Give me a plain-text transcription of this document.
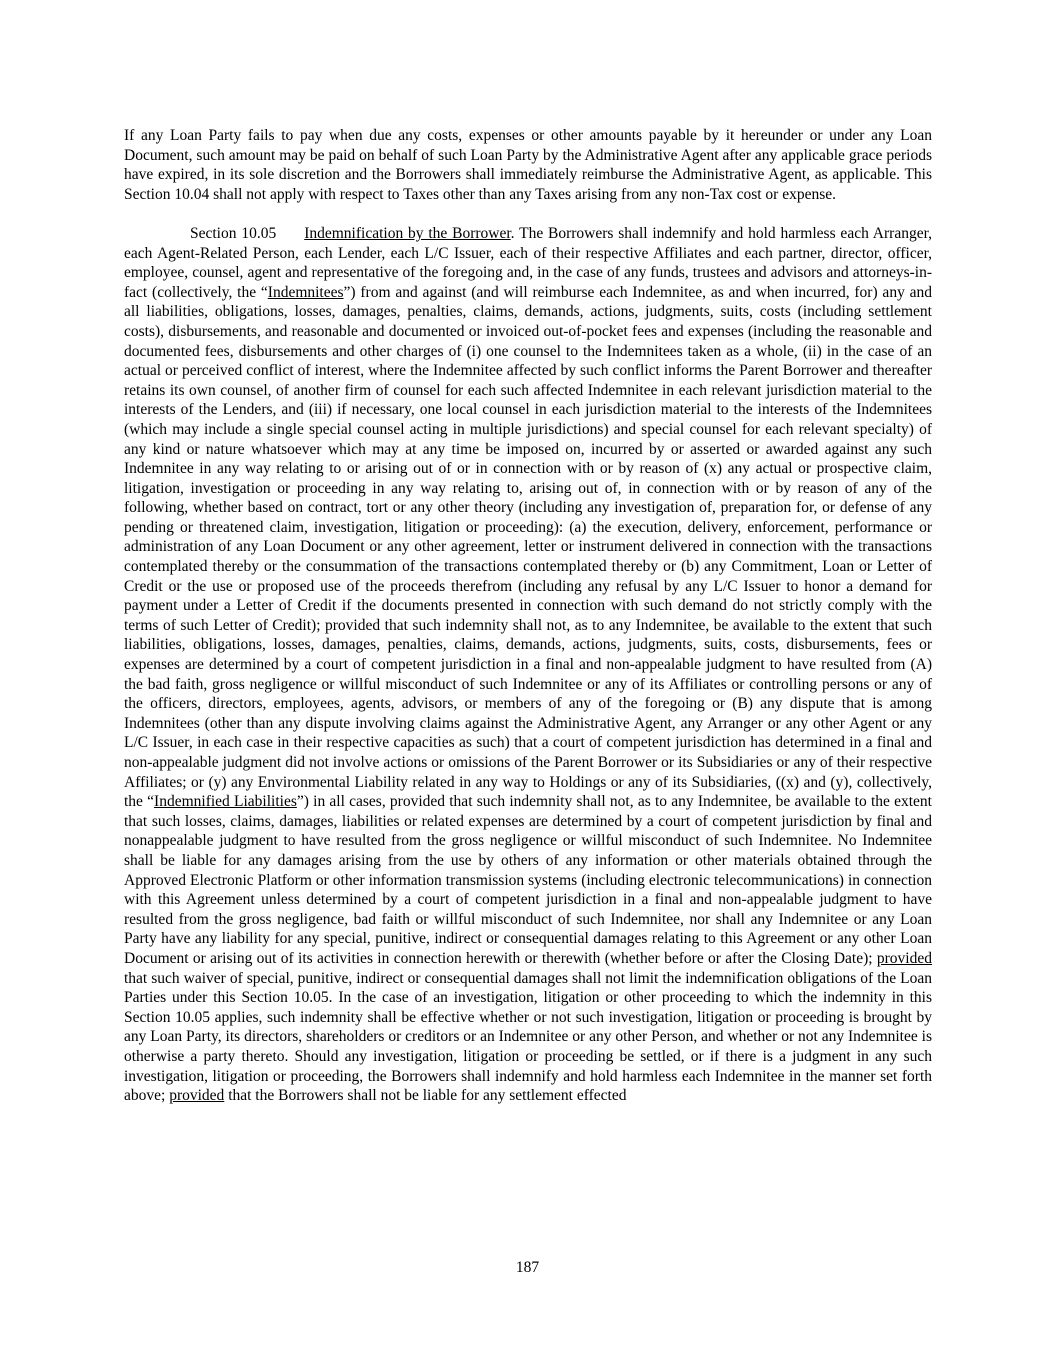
If any Loan Party fails to pay when due any costs, expenses or other amounts payable by it hereunder or under any Loan Document, such amount may be paid on behalf of such Loan Party by the Administrative Agent after any applicable grace periods have expired, in its sole discretion and the Borrowers shall immediately reimburse the Administrative Agent, as applicable. This Section 10.04 shall not apply with respect to Taxes other than any Taxes arising from any non-Tax cost or expense.

Section 10.05 Indemnification by the Borrower. The Borrowers shall indemnify and hold harmless each Arranger, each Agent-Related Person, each Lender, each L/C Issuer, each of their respective Affiliates and each partner, director, officer, employee, counsel, agent and representative of the foregoing and, in the case of any funds, trustees and advisors and attorneys-in-fact (collectively, the “Indemnitees”) from and against (and will reimburse each Indemnitee, as and when incurred, for) any and all liabilities, obligations, losses, damages, penalties, claims, demands, actions, judgments, suits, costs (including settlement costs), disbursements, and reasonable and documented or invoiced out-of-pocket fees and expenses (including the reasonable and documented fees, disbursements and other charges of (i) one counsel to the Indemnitees taken as a whole, (ii) in the case of an actual or perceived conflict of interest, where the Indemnitee affected by such conflict informs the Parent Borrower and thereafter retains its own counsel, of another firm of counsel for each such affected Indemnitee in each relevant jurisdiction material to the interests of the Lenders, and (iii) if necessary, one local counsel in each jurisdiction material to the interests of the Indemnitees (which may include a single special counsel acting in multiple jurisdictions) and special counsel for each relevant specialty) of any kind or nature whatsoever which may at any time be imposed on, incurred by or asserted or awarded against any such Indemnitee in any way relating to or arising out of or in connection with or by reason of (x) any actual or prospective claim, litigation, investigation or proceeding in any way relating to, arising out of, in connection with or by reason of any of the following, whether based on contract, tort or any other theory (including any investigation of, preparation for, or defense of any pending or threatened claim, investigation, litigation or proceeding): (a) the execution, delivery, enforcement, performance or administration of any Loan Document or any other agreement, letter or instrument delivered in connection with the transactions contemplated thereby or the consummation of the transactions contemplated thereby or (b) any Commitment, Loan or Letter of Credit or the use or proposed use of the proceeds therefrom (including any refusal by any L/C Issuer to honor a demand for payment under a Letter of Credit if the documents presented in connection with such demand do not strictly comply with the terms of such Letter of Credit); provided that such indemnity shall not, as to any Indemnitee, be available to the extent that such liabilities, obligations, losses, damages, penalties, claims, demands, actions, judgments, suits, costs, disbursements, fees or expenses are determined by a court of competent jurisdiction in a final and non-appealable judgment to have resulted from (A) the bad faith, gross negligence or willful misconduct of such Indemnitee or any of its Affiliates or controlling persons or any of the officers, directors, employees, agents, advisors, or members of any of the foregoing or (B) any dispute that is among Indemnitees (other than any dispute involving claims against the Administrative Agent, any Arranger or any other Agent or any L/C Issuer, in each case in their respective capacities as such) that a court of competent jurisdiction has determined in a final and non-appealable judgment did not involve actions or omissions of the Parent Borrower or its Subsidiaries or any of their respective Affiliates; or (y) any Environmental Liability related in any way to Holdings or any of its Subsidiaries, ((x) and (y), collectively, the “Indemnified Liabilities”) in all cases, provided that such indemnity shall not, as to any Indemnitee, be available to the extent that such losses, claims, damages, liabilities or related expenses are determined by a court of competent jurisdiction by final and nonappealable judgment to have resulted from the gross negligence or willful misconduct of such Indemnitee. No Indemnitee shall be liable for any damages arising from the use by others of any information or other materials obtained through the Approved Electronic Platform or other information transmission systems (including electronic telecommunications) in connection with this Agreement unless determined by a court of competent jurisdiction in a final and non-appealable judgment to have resulted from the gross negligence, bad faith or willful misconduct of such Indemnitee, nor shall any Indemnitee or any Loan Party have any liability for any special, punitive, indirect or consequential damages relating to this Agreement or any other Loan Document or arising out of its activities in connection herewith or therewith (whether before or after the Closing Date); provided that such waiver of special, punitive, indirect or consequential damages shall not limit the indemnification obligations of the Loan Parties under this Section 10.05. In the case of an investigation, litigation or other proceeding to which the indemnity in this Section 10.05 applies, such indemnity shall be effective whether or not such investigation, litigation or proceeding is brought by any Loan Party, its directors, shareholders or creditors or an Indemnitee or any other Person, and whether or not any Indemnitee is otherwise a party thereto. Should any investigation, litigation or proceeding be settled, or if there is a judgment in any such investigation, litigation or proceeding, the Borrowers shall indemnify and hold harmless each Indemnitee in the manner set forth above; provided that the Borrowers shall not be liable for any settlement effected

187
